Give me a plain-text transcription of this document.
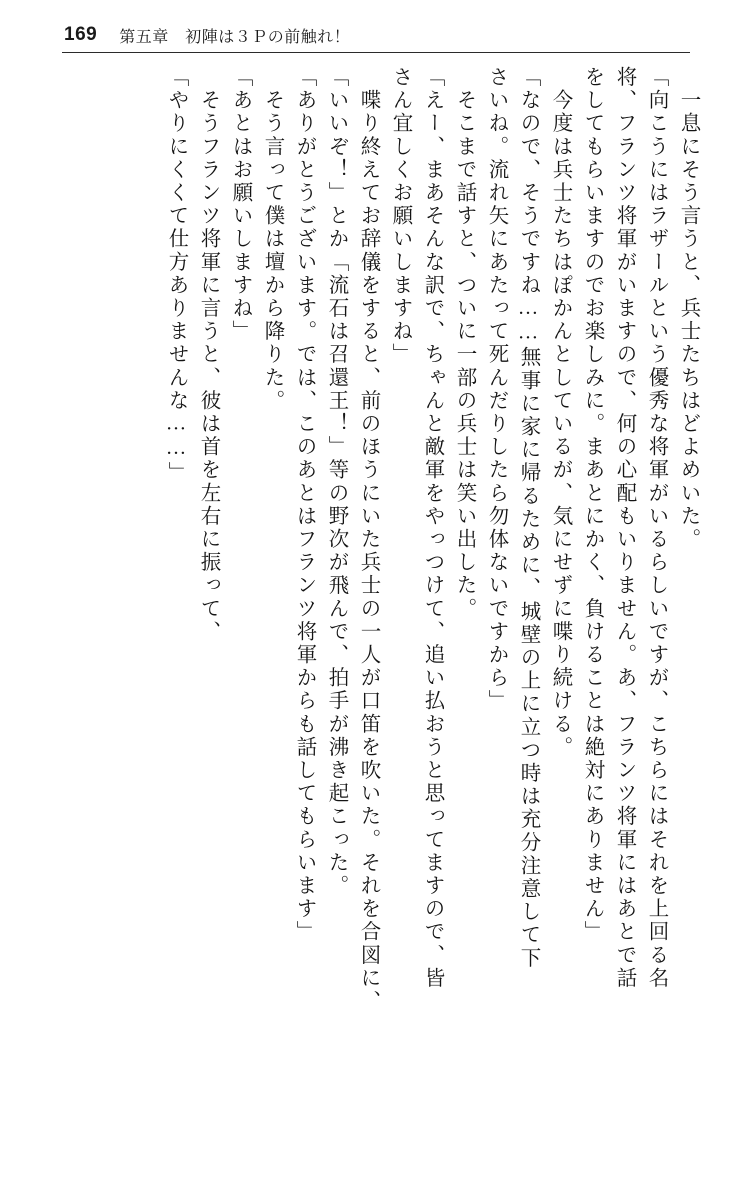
169 第五章　初陣は３Ｐの前触れ！
　一息にそう言うと、兵士たちはどよめいた。
「向こうにはラザールという優秀な将軍がいるらしいですが、こちらにはそれを上回る名
将、フランツ将軍がいますので、何の心配もいりません。あ、フランツ将軍にはあとで話
をしてもらいますのでお楽しみに。まあとにかく、負けることは絶対にありません」
　今度は兵士たちはぽかんとしているが、気にせずに喋り続ける。
「なので、そうですね……無事に家に帰るために、城壁の上に立つ時は充分注意して下
さいね。流れ矢にあたって死んだりしたら勿体ないですから」
　そこまで話すと、ついに一部の兵士は笑い出した。
「えー、まあそんな訳で、ちゃんと敵軍をやっつけて、追い払おうと思ってますので、皆
さん宜しくお願いしますね」
　喋り終えてお辞儀をすると、前のほうにいた兵士の一人が口笛を吹いた。それを合図に、
「いいぞ！」とか「流石は召還王！」等の野次が飛んで、拍手が沸き起こった。
「ありがとうございます。では、このあとはフランツ将軍からも話してもらいます」
　そう言って僕は壇から降りた。
「あとはお願いしますね」
　そうフランツ将軍に言うと、彼は首を左右に振って、
「やりにくくて仕方ありませんな……」
